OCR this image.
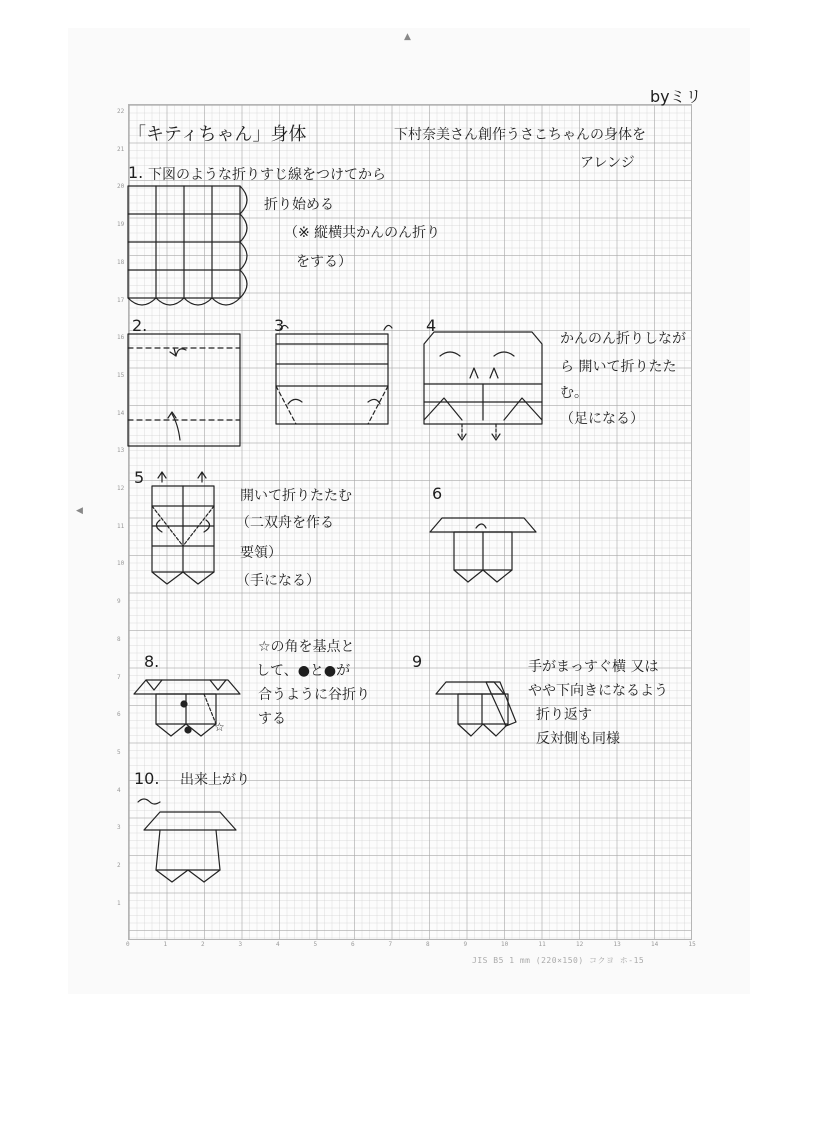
▲
◀
22
21
20
19
18
17
16
15
14
13
12
11
10
9
8
7
6
5
4
3
2
1
0	1	2	3	4	5	6	7	8	9	10	11	12	13	14	15
byミリ
「キティちゃん」身体	下村奈美さん創作うさこちゃんの身体を
アレンジ
1. 下図のような折りすじ線をつけてから
折り始める
（※ 縦横共かんのん折り
をする）
2.	3	4
かんのん折りしなが
ら 開いて折りたた
む。
（足になる）
5
開いて折りたたむ
（二双舟を作る
要領）
（手になる）
6
8.
☆の角を基点と
して、●と●が
合うように谷折り
する
9	手がまっすぐ横 又は
やや下向きになるよう
折り返す
反対側も同様
10. 出来上がり
JIS B5 1 mm (220×150) コクヨ ホ-15
☆
